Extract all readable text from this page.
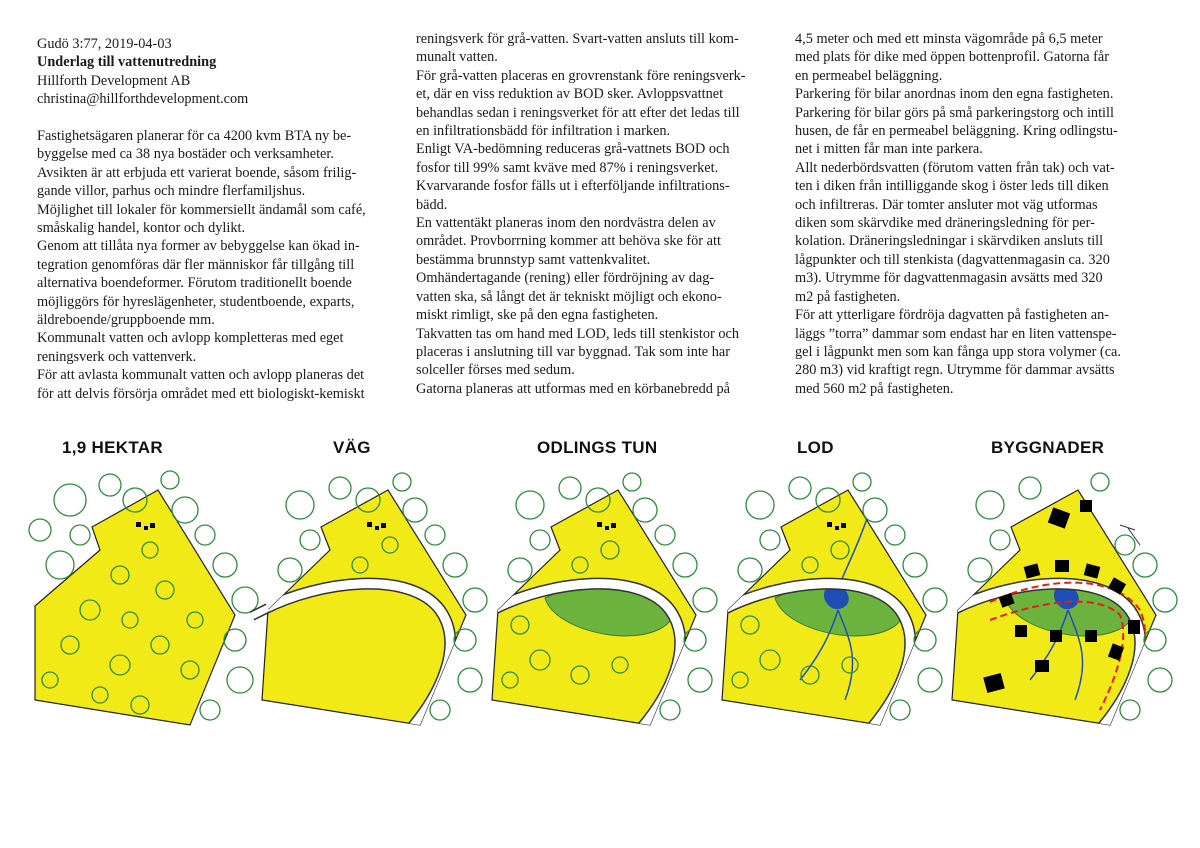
Gudö 3:77, 2019-04-03

Underlag till vattenutredning

Hillforth Development AB

christina@hillforthdevelopment.com

Fastighetsägaren planerar för ca 4200 kvm BTA ny be-

byggelse med ca 38 nya bostäder och verksamheter.

Avsikten är att erbjuda ett varierat boende, såsom frilig-

gande villor, parhus och mindre flerfamiljshus.

Möjlighet till lokaler för kommersiellt ändamål som café,

småskalig handel, kontor och dylikt.

Genom att tillåta nya former av bebyggelse kan ökad in-

tegration genomföras där fler människor får tillgång till

alternativa boendeformer. Förutom traditionellt boende

möjliggörs för hyreslägenheter, studentboende, exparts,

äldreboende/gruppboende mm.

Kommunalt vatten och avlopp kompletteras med eget

reningsverk och vattenverk.

För att avlasta kommunalt vatten och avlopp planeras det

för att delvis försörja området med ett biologiskt-kemiskt

reningsverk för grå-vatten. Svart-vatten ansluts till kom-

munalt vatten.

För grå-vatten placeras en grovrenstank före reningsverk-

et, där en viss reduktion av BOD sker. Avloppsvattnet

behandlas sedan i reningsverket för att efter det ledas till

en infiltrationsbädd för infiltration i marken.

Enligt VA-bedömning reduceras grå-vattnets BOD och

fosfor till 99% samt kväve med 87% i reningsverket.

Kvarvarande fosfor fälls ut i efterföljande infiltrations-

bädd.

En vattentäkt planeras inom den nordvästra delen av

området. Provborrning kommer att behöva ske för att

bestämma brunnstyp samt vattenkvalitet.

Omhändertagande (rening) eller fördröjning av dag-

vatten ska, så långt det är tekniskt möjligt och ekono-

miskt rimligt, ske på den egna fastigheten.

Takvatten tas om hand med LOD, leds till stenkistor och

placeras i anslutning till var byggnad. Tak som inte har

solceller förses med sedum.

Gatorna planeras att utformas med en körbanebredd på

4,5 meter och med ett minsta vägområde på 6,5 meter

med plats för dike med öppen bottenprofil. Gatorna får

en permeabel beläggning.

Parkering för bilar anordnas inom den egna fastigheten.

Parkering för bilar görs på små parkeringstorg och intill

husen, de får en permeabel beläggning. Kring odlingstu-

net i mitten får man inte parkera.

Allt nederbördsvatten (förutom vatten från tak) och vat-

ten i diken från intilliggande skog i öster leds till diken

och infiltreras. Där tomter ansluter mot väg utformas

diken som skärvdike med dräneringsledning för per-

kolation. Dräneringsledningar i skärvdiken ansluts till

lågpunkter och till stenkista (dagvattenmagasin ca. 320

m3). Utrymme för dagvattenmagasin avsätts med 320

m2 på fastigheten.

För att ytterligare fördröja dagvatten på fastigheten an-

läggs ”torra” dammar som endast har en liten vattenspe-

gel i lågpunkt men som kan fånga upp stora volymer (ca.

280 m3) vid kraftigt regn. Utrymme för dammar avsätts

med 560 m2 på fastigheten.

1,9 HEKTAR	VÄG	ODLINGS TUN	LOD	BYGGNADER
